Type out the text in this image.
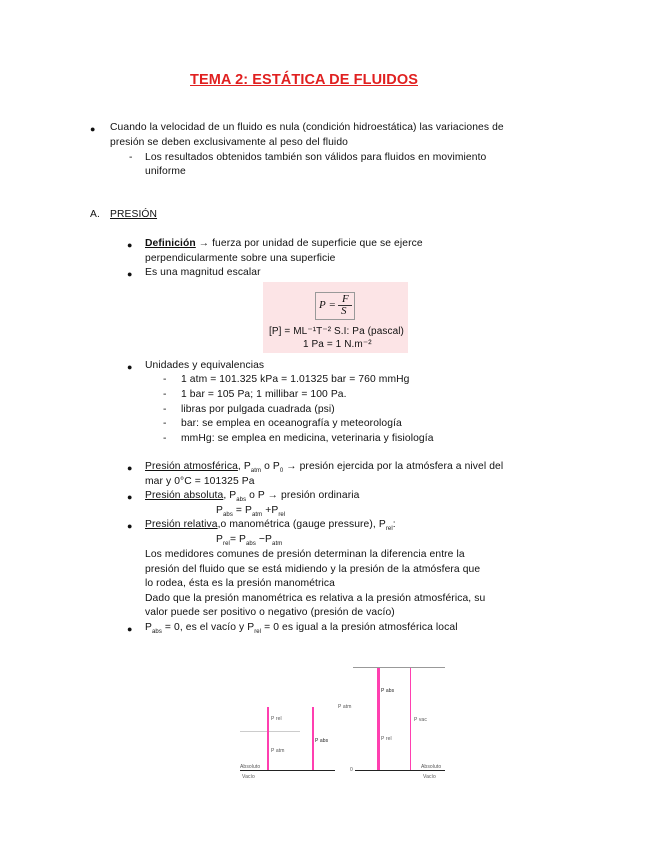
TEMA 2: ESTÁTICA DE FLUIDOS
● Cuando la velocidad de un fluido es nula (condición hidroestática) las variaciones de
presión se deben exclusivamente al peso del fluido
- Los resultados obtenidos también son válidos para fluidos en movimiento
uniforme
A. PRESIÓN
● Definición → fuerza por unidad de superficie que se ejerce
perpendicularmente sobre una superficie
● Es una magnitud escalar
P = F
S
[P] = ML⁻¹T⁻² S.I: Pa (pascal)
1 Pa = 1 N.m⁻²
● Unidades y equivalencias
- 1 atm = 101.325 kPa = 1.01325 bar = 760 mmHg
- 1 bar = 105 Pa; 1 millibar = 100 Pa.
- libras por pulgada cuadrada (psi)
- bar: se emplea en oceanografía y meteorología
- mmHg: se emplea en medicina, veterinaria y fisiología
● Presión atmosférica, $P_{atm}$ o $P_0$ → presión ejercida por la atmósfera a nivel del
mar y 0°C = 101325 Pa
● Presión absoluta, $P_{abs}$ o P → presión ordinaria
$P_{abs} = P_{atm} +P_{rel}$
● Presión relativa,o manométrica (gauge pressure), $P_{rel}$:
$P_{rel}= P_{abs} -P_{atm}$
Los medidores comunes de presión determinan la diferencia entre la
presión del fluido que se está midiendo y la presión de la atmósfera que
lo rodea, ésta es la presión manométrica
Dado que la presión manométrica es relativa a la presión atmosférica, su
valor puede ser positivo o negativo (presión de vacío)
● $P_{abs} = 0$, es el vacío y $P_{rel} = 0$ es igual a la presión atmosférica local
P rel
P atm
P abs
P atm
P abs
P rel
P vac
Absoluto
Vacío
0	Absoluto
Vacío
